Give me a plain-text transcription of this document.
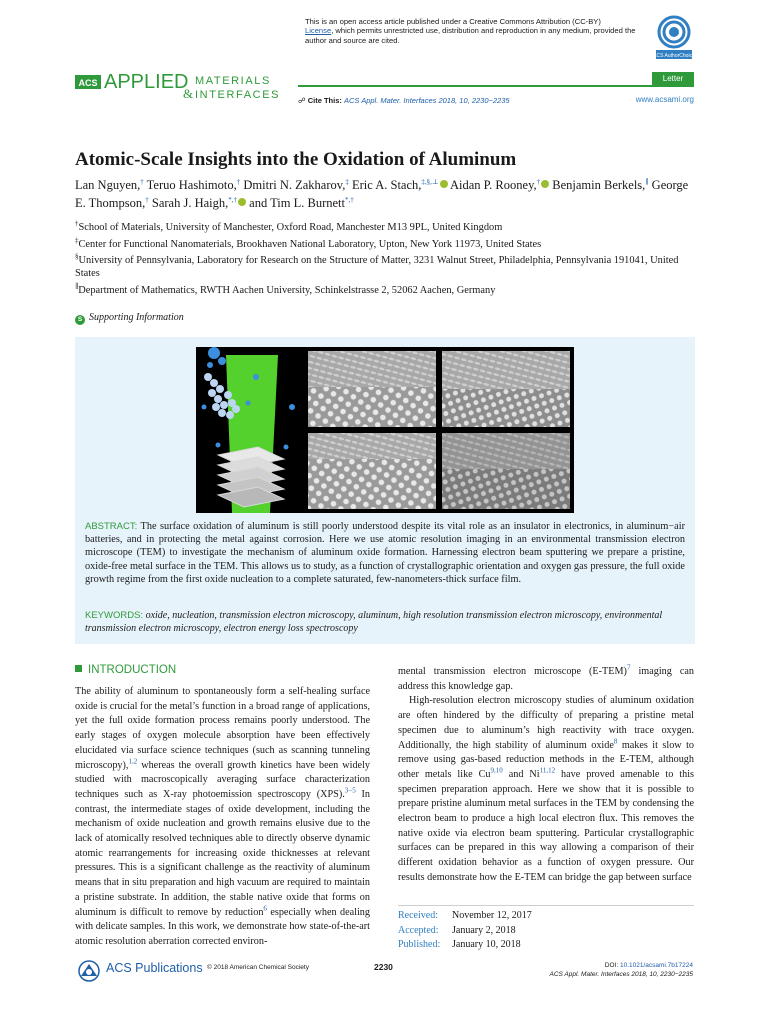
This is an open access article published under a Creative Commons Attribution (CC-BY)
License, which permits unrestricted use, distribution and reproduction in any medium, provided the author and source are cited.
ACS AuthorChoice
ACS APPLIED MATERIALS
& INTERFACES
Letter
☍ Cite This: ACS Appl. Mater. Interfaces 2018, 10, 2230−2235	www.acsami.org
Atomic-Scale Insights into the Oxidation of Aluminum
Lan Nguyen,† Teruo Hashimoto,† Dmitri N. Zakharov,‡ Eric A. Stach,‡,§,⊥ Aidan P. Rooney,† Benjamin Berkels,∥ George E. Thompson,† Sarah J. Haigh,*,† and Tim L. Burnett*,†
†School of Materials, University of Manchester, Oxford Road, Manchester M13 9PL, United Kingdom
‡Center for Functional Nanomaterials, Brookhaven National Laboratory, Upton, New York 11973, United States
§University of Pennsylvania, Laboratory for Research on the Structure of Matter, 3231 Walnut Street, Philadelphia, Pennsylvania 191041, United States
∥Department of Mathematics, RWTH Aachen University, Schinkelstrasse 2, 52062 Aachen, Germany
S Supporting Information
ABSTRACT: The surface oxidation of aluminum is still poorly understood despite its vital role as an insulator in electronics, in aluminum−air batteries, and in protecting the metal against corrosion. Here we use atomic resolution imaging in an environmental transmission electron microscope (TEM) to investigate the mechanism of aluminum oxide formation. Harnessing electron beam sputtering we prepare a pristine, oxide-free metal surface in the TEM. This allows us to study, as a function of crystallographic orientation and oxygen gas pressure, the full oxide growth regime from the first oxide nucleation to a complete saturated, few-nanometers-thick surface film.
KEYWORDS: oxide, nucleation, transmission electron microscopy, aluminum, high resolution transmission electron microscopy, environmental transmission electron microscopy, electron energy loss spectroscopy
INTRODUCTION
The ability of aluminum to spontaneously form a self-healing surface oxide is crucial for the metal’s function in a broad range of applications, yet the full oxide formation process remains poorly understood. The early stages of oxygen molecule absorption have been effectively elucidated via surface science techniques (such as scanning tunneling microscopy),$^{1,2}$ whereas the overall growth kinetics have been widely studied with macroscopically averaging surface characterization techniques such as X-ray photoemission spectroscopy (XPS).$^{3-5}$ In contrast, the intermediate stages of oxide development, including the mechanism of oxide nucleation and growth remains elusive due to the lack of atomically resolved techniques able to directly observe dynamic atomic rearrangements for increasing oxide thicknesses at relevant pressures. This is a significant challenge as the reactivity of aluminum means that in situ preparation and high vacuum are required to maintain a pristine substrate. In addition, the stable native oxide that forms on aluminum is difficult to remove by reduction$^6$ especially when dealing with delicate samples. In this work, we demonstrate how state-of-the-art atomic resolution aberration corrected environ-
mental transmission electron microscope $(E-TEM)^7$ imaging can address this knowledge gap.
High-resolution electron microscopy studies of aluminum oxidation are often hindered by the difficulty of preparing a pristine metal specimen due to aluminum’s high reactivity with trace oxygen. Additionally, the high stability of aluminum oxide$^8$ makes it slow to remove using gas-based reduction methods in the E-TEM, although other metals like Cu$^{9,10}$ and Ni$^{11,12}$ have proved amenable to this specimen preparation approach. Here we show that it is possible to prepare pristine aluminum metal surfaces in the TEM by condensing the electron beam to produce a high local electron flux. This removes the native oxide via electron beam sputtering. Particular crystallographic surfaces can be prepared in this way allowing a comparison of their different oxidation behavior as a function of oxygen pressure. Our results demonstrate how the E-TEM can bridge the gap between surface
Received: November 12, 2017
Accepted: January 2, 2018
Published: January 10, 2018
ACS Publications © 2018 American Chemical Society	2230	DOI: 10.1021/acsami.7b17224
ACS Appl. Mater. Interfaces 2018, 10, 2230−2235
